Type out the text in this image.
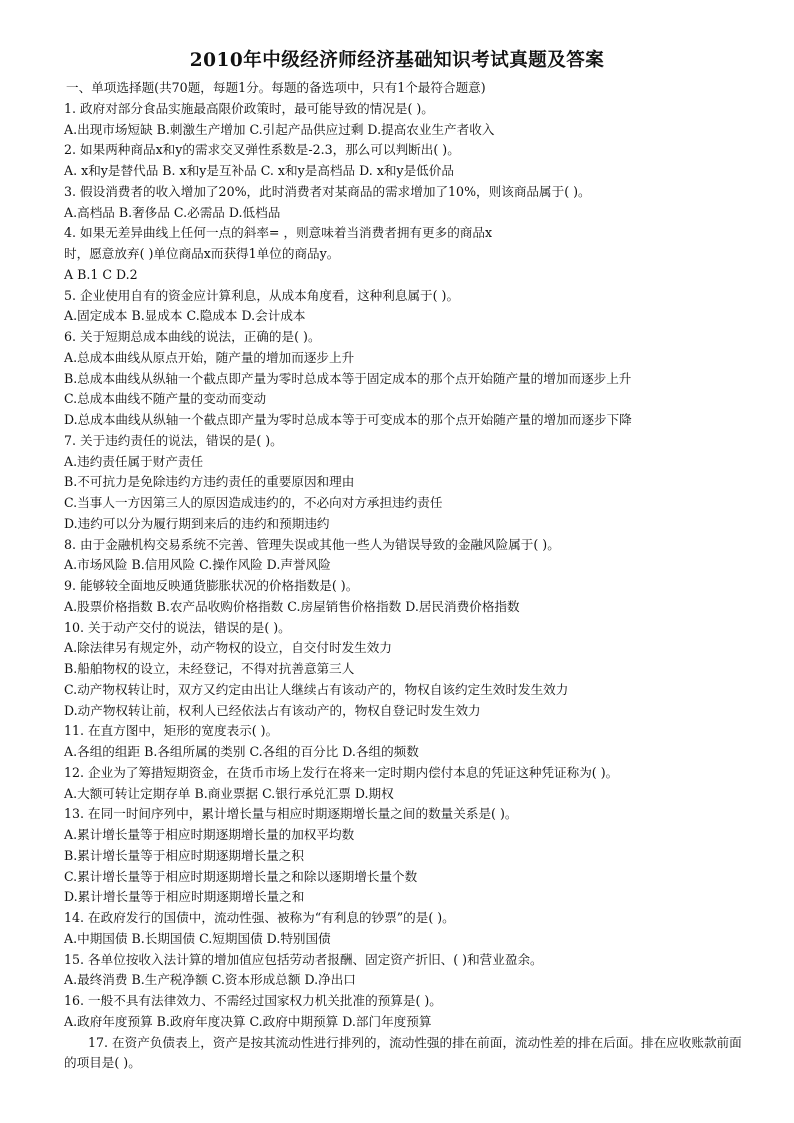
2010年中级经济师经济基础知识考试真题及答案
一、单项选择题(共70题，每题1分。每题的备选项中，只有1个最符合题意)
1. 政府对部分食品实施最高限价政策时，最可能导致的情况是( )。
A.出现市场短缺 B.刺激生产增加 C.引起产品供应过剩 D.提高农业生产者收入
2. 如果两种商品x和y的需求交叉弹性系数是-2.3，那么可以判断出( )。
A. x和y是替代品 B. x和y是互补品 C. x和y是高档品 D. x和y是低价品
3. 假设消费者的收入增加了20%，此时消费者对某商品的需求增加了10%，则该商品属于( )。
A.高档品 B.奢侈品 C.必需品 D.低档品
4. 如果无差异曲线上任何一点的斜率= ，则意味着当消费者拥有更多的商品x
时，愿意放弃( )单位商品x而获得1单位的商品y。
A B.1 C D.2
5. 企业使用自有的资金应计算利息，从成本角度看，这种利息属于( )。
A.固定成本 B.显成本 C.隐成本 D.会计成本
6. 关于短期总成本曲线的说法，正确的是( )。
A.总成本曲线从原点开始，随产量的增加而逐步上升
B.总成本曲线从纵轴一个截点即产量为零时总成本等于固定成本的那个点开始随产量的增加而逐步上升
C.总成本曲线不随产量的变动而变动
D.总成本曲线从纵轴一个截点即产量为零时总成本等于可变成本的那个点开始随产量的增加而逐步下降
7. 关于违约责任的说法，错误的是( )。
A.违约责任属于财产责任
B.不可抗力是免除违约方违约责任的重要原因和理由
C.当事人一方因第三人的原因造成违约的，不必向对方承担违约责任
D.违约可以分为履行期到来后的违约和预期违约
8. 由于金融机构交易系统不完善、管理失误或其他一些人为错误导致的金融风险属于( )。
A.市场风险 B.信用风险 C.操作风险 D.声誉风险
9. 能够较全面地反映通货膨胀状况的价格指数是( )。
A.股票价格指数 B.农产品收购价格指数 C.房屋销售价格指数 D.居民消费价格指数
10. 关于动产交付的说法，错误的是( )。
A.除法律另有规定外，动产物权的设立，自交付时发生效力
B.船舶物权的设立，未经登记，不得对抗善意第三人
C.动产物权转让时，双方又约定由出让人继续占有该动产的，物权自该约定生效时发生效力
D.动产物权转让前，权利人已经依法占有该动产的，物权自登记时发生效力
11. 在直方图中，矩形的宽度表示( )。
A.各组的组距 B.各组所属的类别 C.各组的百分比 D.各组的频数
12. 企业为了筹措短期资金，在货币市场上发行在将来一定时期内偿付本息的凭证这种凭证称为( )。
A.大额可转让定期存单 B.商业票据 C.银行承兑汇票 D.期权
13. 在同一时间序列中，累计增长量与相应时期逐期增长量之间的数量关系是( )。
A.累计增长量等于相应时期逐期增长量的加权平均数
B.累计增长量等于相应时期逐期增长量之积
C.累计增长量等于相应时期逐期增长量之和除以逐期增长量个数
D.累计增长量等于相应时期逐期增长量之和
14. 在政府发行的国债中，流动性强、被称为“有利息的钞票”的是( )。
A.中期国债 B.长期国债 C.短期国债 D.特别国债
15. 各单位按收入法计算的增加值应包括劳动者报酬、固定资产折旧、( )和营业盈余。
A.最终消费 B.生产税净额 C.资本形成总额 D.净出口
16. 一般不具有法律效力、不需经过国家权力机关批准的预算是( )。
A.政府年度预算 B.政府年度决算 C.政府中期预算 D.部门年度预算
17. 在资产负债表上，资产是按其流动性进行排列的，流动性强的排在前面，流动性差的排在后面。排在应收账款前面的项目是( )。
